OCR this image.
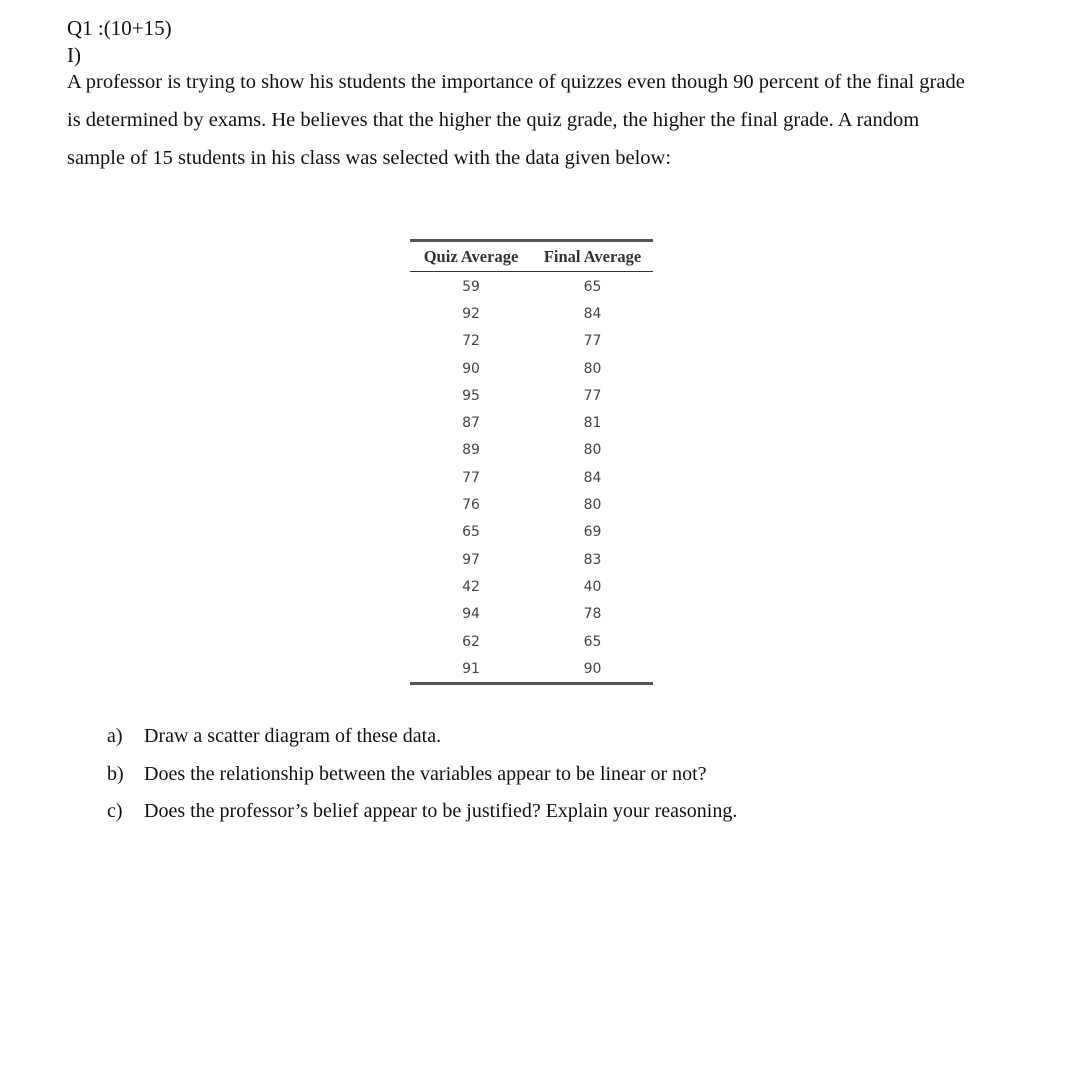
Q1 :(10+15)
I)
A professor is trying to show his students the importance of quizzes even though 90 percent of the final grade
is determined by exams. He believes that the higher the quiz grade, the higher the final grade. A random
sample of 15 students in his class was selected with the data given below:
Quiz Average	Final Average
59	65
92	84
72	77
90	80
95	77
87	81
89	80
77	84
76	80
65	69
97	83
42	40
94	78
62	65
91	90
a) Draw a scatter diagram of these data.
b) Does the relationship between the variables appear to be linear or not?
c) Does the professor’s belief appear to be justified? Explain your reasoning.
